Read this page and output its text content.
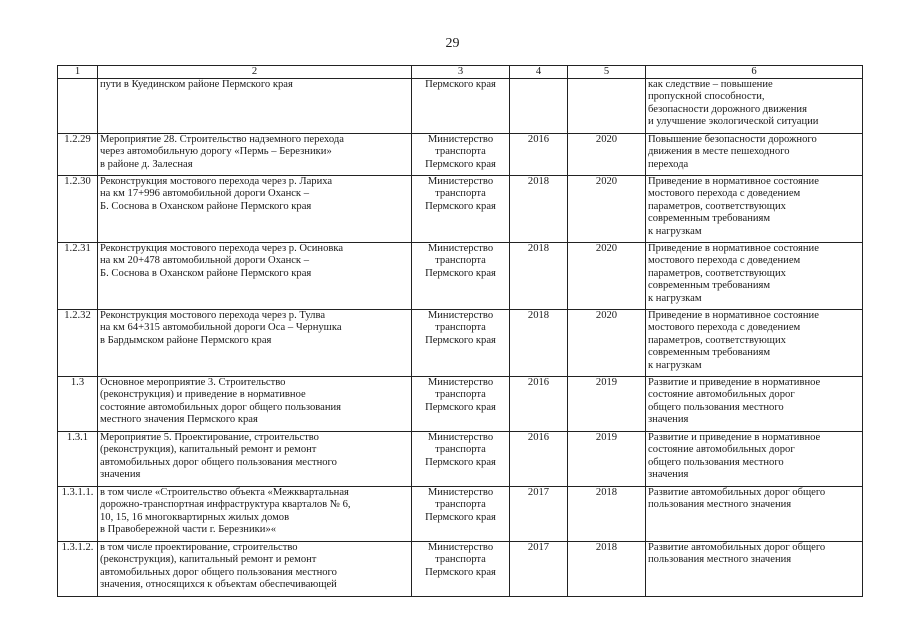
29
1	2	3	4	5	6
	пути в Куединском районе Пермского края	Пермского края			как следствие – повышение
пропускной способности,
безопасности дорожного движения
и улучшение экологической ситуации
1.2.29	Мероприятие 28. Строительство надземного перехода
через автомобильную дорогу «Пермь – Березники»
в районе д. Залесная	Министерство
транспорта
Пермского края	2016	2020	Повышение безопасности дорожного
движения в месте пешеходного
перехода
1.2.30	Реконструкция мостового перехода через р. Лариха
на км 17+996 автомобильной дороги Оханск –
Б. Соснова в Оханском районе Пермского края	Министерство
транспорта
Пермского края	2018	2020	Приведение в нормативное состояние
мостового перехода с доведением
параметров, соответствующих
современным требованиям
к нагрузкам
1.2.31	Реконструкция мостового перехода через р. Осиновка
на км 20+478 автомобильной дороги Оханск –
Б. Соснова в Оханском районе Пермского края	Министерство
транспорта
Пермского края	2018	2020	Приведение в нормативное состояние
мостового перехода с доведением
параметров, соответствующих
современным требованиям
к нагрузкам
1.2.32	Реконструкция мостового перехода через р. Тулва
на км 64+315 автомобильной дороги Оса – Чернушка
в Бардымском районе Пермского края	Министерство
транспорта
Пермского края	2018	2020	Приведение в нормативное состояние
мостового перехода с доведением
параметров, соответствующих
современным требованиям
к нагрузкам
1.3	Основное мероприятие 3. Строительство
(реконструкция) и приведение в нормативное
состояние автомобильных дорог общего пользования
местного значения Пермского края	Министерство
транспорта
Пермского края	2016	2019	Развитие и приведение в нормативное
состояние автомобильных дорог
общего пользования местного
значения
1.3.1	Мероприятие 5. Проектирование, строительство
(реконструкция), капитальный ремонт и ремонт
автомобильных дорог общего пользования местного
значения	Министерство
транспорта
Пермского края	2016	2019	Развитие и приведение в нормативное
состояние автомобильных дорог
общего пользования местного
значения
1.3.1.1.	в том числе «Строительство объекта «Межквартальная
дорожно-транспортная инфраструктура кварталов № 6,
10, 15, 16 многоквартирных жилых домов
в Правобережной части г. Березники»«	Министерство
транспорта
Пермского края	2017	2018	Развитие автомобильных дорог общего
пользования местного значения
1.3.1.2.	в том числе проектирование, строительство
(реконструкция), капитальный ремонт и ремонт
автомобильных дорог общего пользования местного
значения, относящихся к объектам обеспечивающей	Министерство
транспорта
Пермского края	2017	2018	Развитие автомобильных дорог общего
пользования местного значения
